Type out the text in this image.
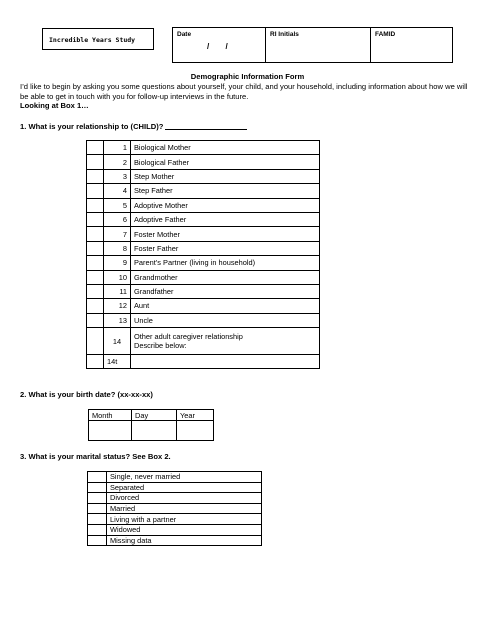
Incredible Years Study
Date
/ /
	RI Initials	FAMID
Demographic Information Form
I’d like to begin by asking you some questions about yourself, your child, and your household, including information about how we will be able to get in touch with you for follow-up interviews in the future.
Looking at Box 1…
1. What is your relationship to (CHILD)?
	1	Biological Mother
	2	Biological Father
	3	Step Mother
	4	Step Father
	5	Adoptive Mother
	6	Adoptive Father
	7	Foster Mother
	8	Foster Father
	9	Parent’s Partner (living in household)
	10	Grandmother
	11	Grandfather
	12	Aunt
	13	Uncle
	14	Other adult caregiver relationship
Describe below:
	14t	
2. What is your birth date? (xx-xx-xx)
Month	Day	Year

3. What is your marital status? See Box 2.
	Single, never married
	Separated
	Divorced
	Married
	Living with a partner
	Widowed
	Missing data
